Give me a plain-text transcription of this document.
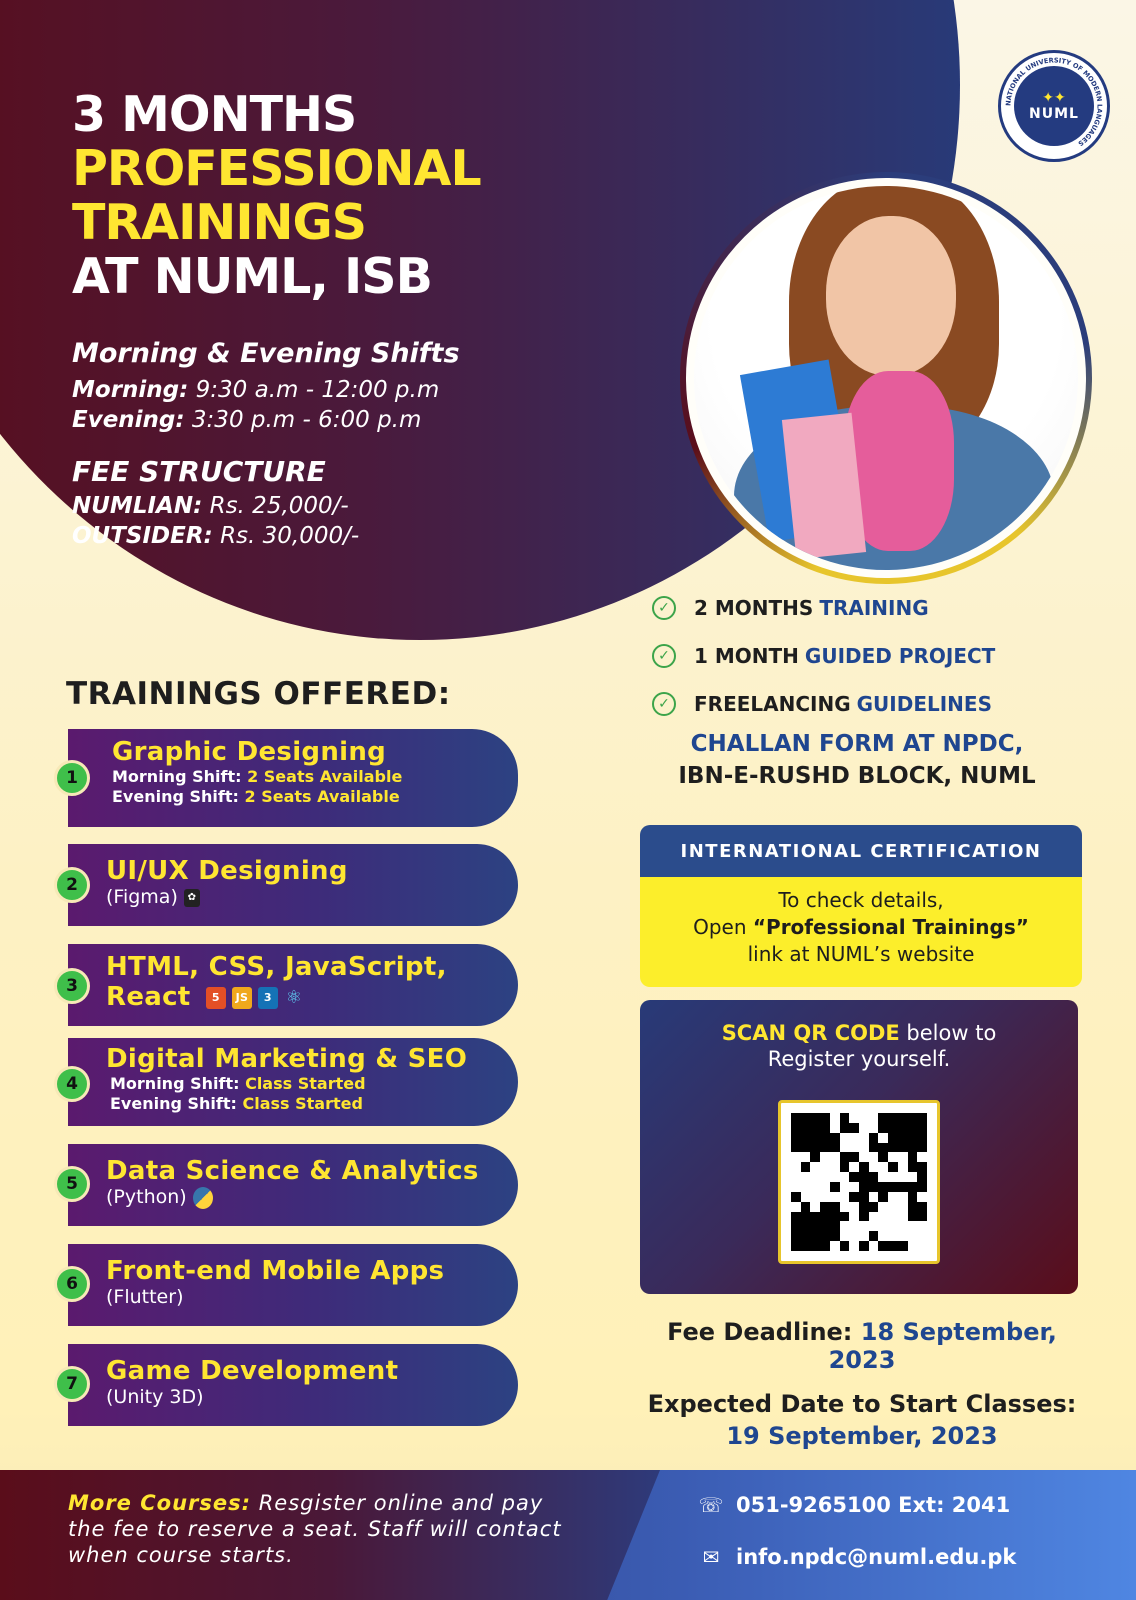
3 MONTHS
PROFESSIONAL
TRAININGS
AT NUML, ISB
Morning & Evening Shifts

Morning: 9:30 a.m - 12:00 p.m

Evening: 3:30 p.m - 6:00 p.m

FEE STRUCTURE

NUMLIAN: Rs. 25,000/-

OUTSIDER: Rs. 30,000/-

NATIONAL UNIVERSITY OF MODERN LANGUAGES
✦✦
NUML
✓	2 MONTHS TRAINING
✓	1 MONTH GUIDED PROJECT
✓	FREELANCING GUIDELINES
CHALLAN FORM AT NPDC,
IBN-E-RUSHD BLOCK, NUML
INTERNATIONAL CERTIFICATION
To check details,
Open “Professional Trainings”
link at NUML’s website
SCAN QR CODE below to
Register yourself.
Fee Deadline: 18 September, 2023
Expected Date to Start Classes:
19 September, 2023
TRAININGS OFFERED:
Graphic Designing
Morning Shift: 2 Seats Available
Evening Shift: 2 Seats Available
1
UI/UX Designing
(Figma) ✿
2
HTML, CSS, JavaScript,
React 5 JS 3 ⚛
3
Digital Marketing & SEO
Morning Shift: Class Started
Evening Shift: Class Started
4
Data Science & Analytics
(Python)
5
Front-end Mobile Apps
(Flutter)
6
Game Development
(Unity 3D)
7
More Courses: Resgister online and pay the fee to reserve a seat. Staff will contact when course starts.
☏ 051-9265100 Ext: 2041
✉ info.npdc@numl.edu.pk
